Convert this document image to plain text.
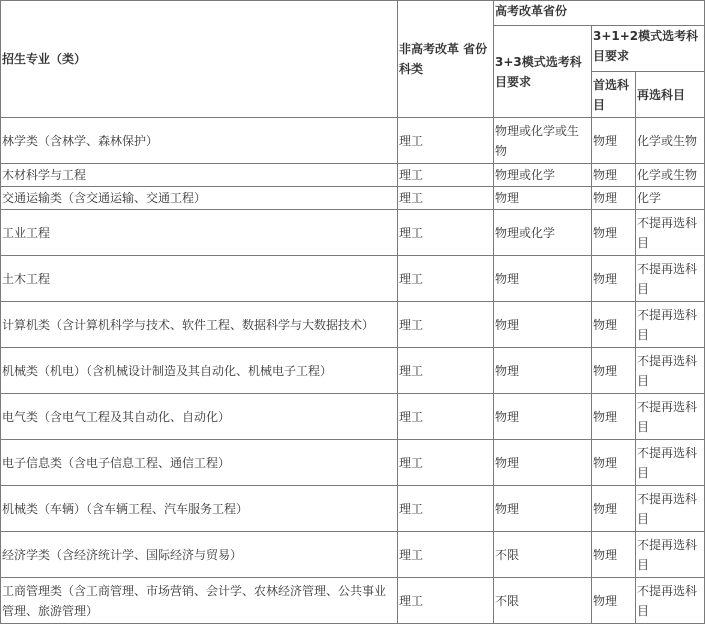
招生专业（类）	非高考改革 省份科类	高考改革省份		
		3+3模式选考科目要求	3+1+2模式选考科目要求	
			首选科目	再选科目
林学类（含林学、森林保护）	理工	物理或化学或生物	物理	化学或生物
木材科学与工程	理工	物理或化学	物理	化学或生物
交通运输类（含交通运输、交通工程）	理工	物理	物理	化学
工业工程	理工	物理或化学	物理	不提再选科目
土木工程	理工	物理	物理	不提再选科目
计算机类（含计算机科学与技术、软件工程、数据科学与大数据技术）	理工	物理	物理	不提再选科目
机械类（机电）（含机械设计制造及其自动化、机械电子工程）	理工	物理	物理	不提再选科目
电气类（含电气工程及其自动化、自动化）	理工	物理	物理	不提再选科目
电子信息类（含电子信息工程、通信工程）	理工	物理	物理	不提再选科目
机械类（车辆）（含车辆工程、汽车服务工程）	理工	物理	物理	不提再选科目
经济学类（含经济统计学、国际经济与贸易）	理工	不限	物理	不提再选科目
工商管理类（含工商管理、市场营销、会计学、农林经济管理、公共事业管理、旅游管理）	理工	不限	物理	不提再选科目
